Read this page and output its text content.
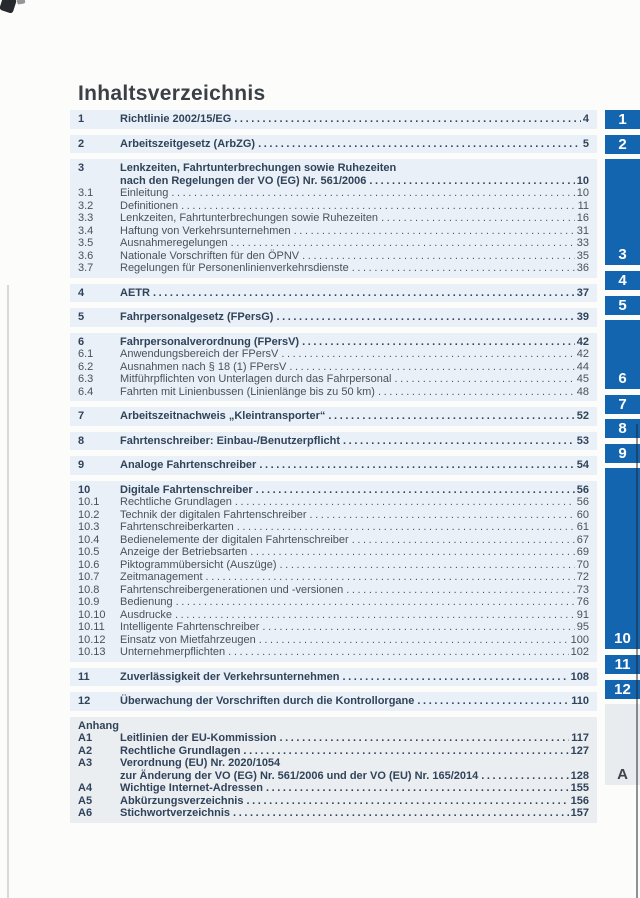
Inhaltsverzeichnis
1	Richtlinie 2002/15/EG .....	4
2	Arbeitszeitgesetz (ArbZG) .....	5
3	Lenkzeiten, Fahrtunterbrechungen sowie Ruhezeiten
nach den Regelungen der VO (EG) Nr. 561/2006 .....	10
3.1	Einleitung .....	10
3.2	Definitionen .....	11
3.3	Lenkzeiten, Fahrtunterbrechungen sowie Ruhezeiten .....	16
3.4	Haftung von Verkehrsunternehmen .....	31
3.5	Ausnahmeregelungen .....	33
3.6	Nationale Vorschriften für den ÖPNV .....	35
3.7	Regelungen für Personenlinienverkehrsdienste .....	36
4	AETR .....	37
5	Fahrpersonalgesetz (FPersG) .....	39
6	Fahrpersonalverordnung (FPersV) .....	42
6.1	Anwendungsbereich der FPersV .....	42
6.2	Ausnahmen nach § 18 (1) FPersV .....	44
6.3	Mitführpflichten von Unterlagen durch das Fahrpersonal .....	45
6.4	Fahrten mit Linienbussen (Linienlänge bis zu 50 km) .....	48
7	Arbeitszeitnachweis „Kleintransporter“ .....	52
8	Fahrtenschreiber: Einbau-/Benutzerpflicht .....	53
9	Analoge Fahrtenschreiber .....	54
10	Digitale Fahrtenschreiber .....	56
10.1	Rechtliche Grundlagen .....	56
10.2	Technik der digitalen Fahrtenschreiber .....	60
10.3	Fahrtenschreiberkarten .....	61
10.4	Bedienelemente der digitalen Fahrtenschreiber .....	67
10.5	Anzeige der Betriebsarten .....	69
10.6	Piktogrammübersicht (Auszüge) .....	70
10.7	Zeitmanagement .....	72
10.8	Fahrtenschreibergenerationen und -versionen .....	73
10.9	Bedienung .....	76
10.10	Ausdrucke .....	91
10.11	Intelligente Fahrtenschreiber .....	95
10.12	Einsatz von Mietfahrzeugen .....	100
10.13	Unternehmerpflichten .....	102
11	Zuverlässigkeit der Verkehrsunternehmen .....	108
12	Überwachung der Vorschriften durch die Kontrollorgane .....	110
Anhang
A1	Leitlinien der EU-Kommission .....	117
A2	Rechtliche Grundlagen .....	127
A3	Verordnung (EU) Nr. 2020/1054
zur Änderung der VO (EG) Nr. 561/2006 und der VO (EU) Nr. 165/2014 .....	128
A4	Wichtige Internet-Adressen .....	155
A5	Abkürzungsverzeichnis .....	156
A6	Stichwortverzeichnis .....	157
1
2
3
4
5
6
7
8
9
10
11
12
A
